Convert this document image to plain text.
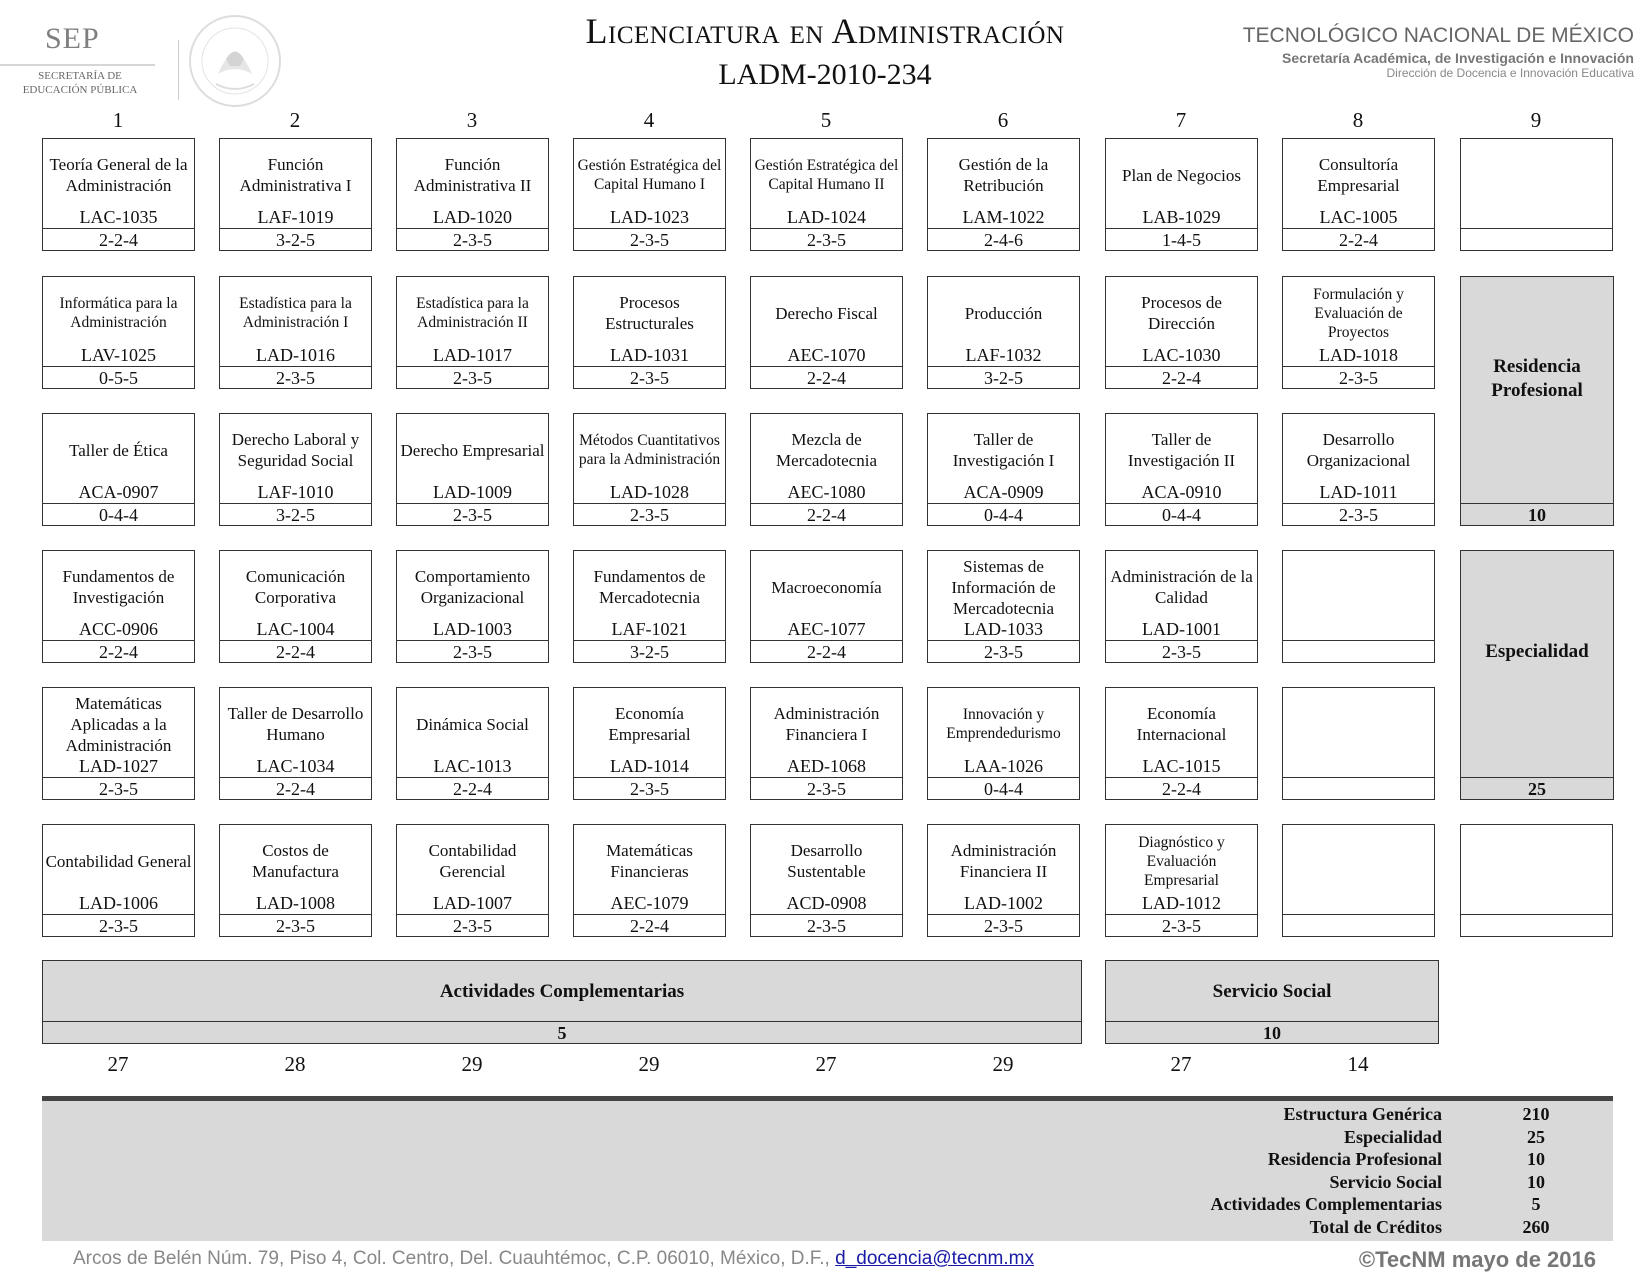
SEP
SECRETARÍA DE
EDUCACIÓN PÚBLICA
Licenciatura en Administración
LADM-2010-234
TECNOLÓGICO NACIONAL DE MÉXICO
Secretaría Académica, de Investigación e Innovación
Dirección de Docencia e Innovación Educativa
Residencia Profesional
10
Especialidad
25
Actividades Complementarias
5
Servicio Social
10
Arcos de Belén Núm. 79, Piso 4, Col. Centro, Del. Cuauhtémoc, C.P. 06010, México, D.F., d_docencia@tecnm.mx	©TecNM mayo de 2016
1	2	3	4	5	6	7	8	9
Teoría General de la Administración
LAC-1035
2-2-4
Informática para la Administración
LAV-1025
0-5-5
Taller de Ética
ACA-0907
0-4-4
Fundamentos de Investigación
ACC-0906
2-2-4
Matemáticas Aplicadas a la Administración
LAD-1027
2-3-5
Contabilidad General
LAD-1006
2-3-5
Función Administrativa I
LAF-1019
3-2-5
Estadística para la Administración I
LAD-1016
2-3-5
Derecho Laboral y Seguridad Social
LAF-1010
3-2-5
Comunicación Corporativa
LAC-1004
2-2-4
Taller de Desarrollo Humano
LAC-1034
2-2-4
Costos de Manufactura
LAD-1008
2-3-5
Función Administrativa II
LAD-1020
2-3-5
Estadística para la Administración II
LAD-1017
2-3-5
Derecho Empresarial
LAD-1009
2-3-5
Comportamiento Organizacional
LAD-1003
2-3-5
Dinámica Social
LAC-1013
2-2-4
Contabilidad Gerencial
LAD-1007
2-3-5
Gestión Estratégica del Capital Humano I
LAD-1023
2-3-5
Procesos Estructurales
LAD-1031
2-3-5
Métodos Cuantitativos para la Administración
LAD-1028
2-3-5
Fundamentos de Mercadotecnia
LAF-1021
3-2-5
Economía Empresarial
LAD-1014
2-3-5
Matemáticas Financieras
AEC-1079
2-2-4
Gestión Estratégica del Capital Humano II
LAD-1024
2-3-5
Derecho Fiscal
AEC-1070
2-2-4
Mezcla de Mercadotecnia
AEC-1080
2-2-4
Macroeconomía
AEC-1077
2-2-4
Administración Financiera I
AED-1068
2-3-5
Desarrollo Sustentable
ACD-0908
2-3-5
Gestión de la Retribución
LAM-1022
2-4-6
Producción
LAF-1032
3-2-5
Taller de Investigación I
ACA-0909
0-4-4
Sistemas de Información de Mercadotecnia
LAD-1033
2-3-5
Innovación y Emprendedurismo
LAA-1026
0-4-4
Administración Financiera II
LAD-1002
2-3-5
Plan de Negocios
LAB-1029
1-4-5
Procesos de Dirección
LAC-1030
2-2-4
Taller de Investigación II
ACA-0910
0-4-4
Administración de la Calidad
LAD-1001
2-3-5
Economía Internacional
LAC-1015
2-2-4
Diagnóstico y Evaluación Empresarial
LAD-1012
2-3-5
Consultoría Empresarial
LAC-1005
2-2-4
Formulación y Evaluación de Proyectos
LAD-1018
2-3-5
Desarrollo Organizacional
LAD-1011
2-3-5
27	28	29	29	27	29	27	14
Estructura Genérica	210
Especialidad	25
Residencia Profesional	10
Servicio Social	10
Actividades Complementarias	5
Total de Créditos	260
